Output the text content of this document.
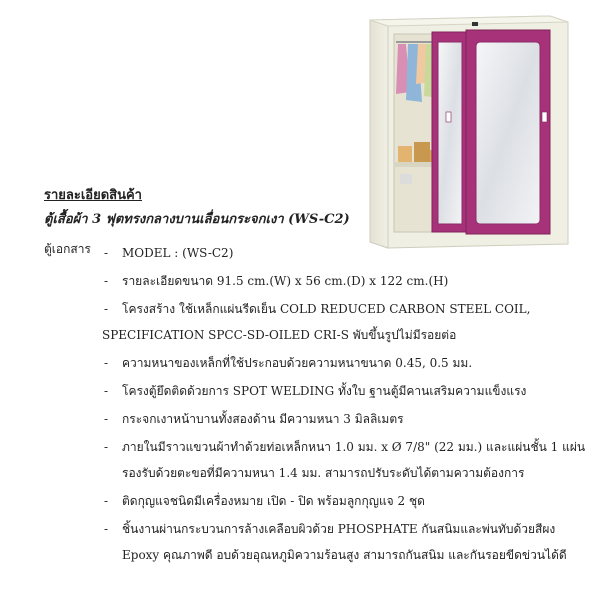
รายละเอียดสินค้า
ตู้เสื้อผ้า 3 ฟุตทรงกลางบานเลื่อนกระจกเงา (WS-C2)
ตู้เอกสาร - MODEL : (WS-C2)
- รายละเอียดขนาด 91.5 cm.(W) x 56 cm.(D) x 122 cm.(H)
- โครงสร้าง ใช้เหล็กแผ่นรีดเย็น COLD REDUCED CARBON STEEL COIL,
SPECIFICATION SPCC-SD-OILED CRI-S พับขึ้นรูปไม่มีรอยต่อ
- ความหนาของเหล็กที่ใช้ประกอบด้วยความหนาขนาด 0.45, 0.5 มม.
- โครงตู้ยึดติดด้วยการ SPOT WELDING ทั้งใบ ฐานตู้มีคานเสริมความแข็งแรง
- กระจกเงาหน้าบานทั้งสองด้าน มีความหนา 3 มิลลิเมตร
- ภายในมีราวแขวนผ้าทำด้วยท่อเหล็กหนา 1.0 มม. x Ø 7/8" (22 มม.) และแผ่นชั้น 1 แผ่น
รองรับด้วยตะขอที่มีความหนา 1.4 มม. สามารถปรับระดับได้ตามความต้องการ
- ติดกุญแจชนิดมีเครื่องหมาย เปิด - ปิด พร้อมลูกกุญแจ 2 ชุด
- ชิ้นงานผ่านกระบวนการล้างเคลือบผิวด้วย PHOSPHATE กันสนิมและพ่นทับด้วยสีผง
Epoxy คุณภาพดี อบด้วยอุณหภูมิความร้อนสูง สามารถกันสนิม และกันรอยขีดข่วนได้ดี
